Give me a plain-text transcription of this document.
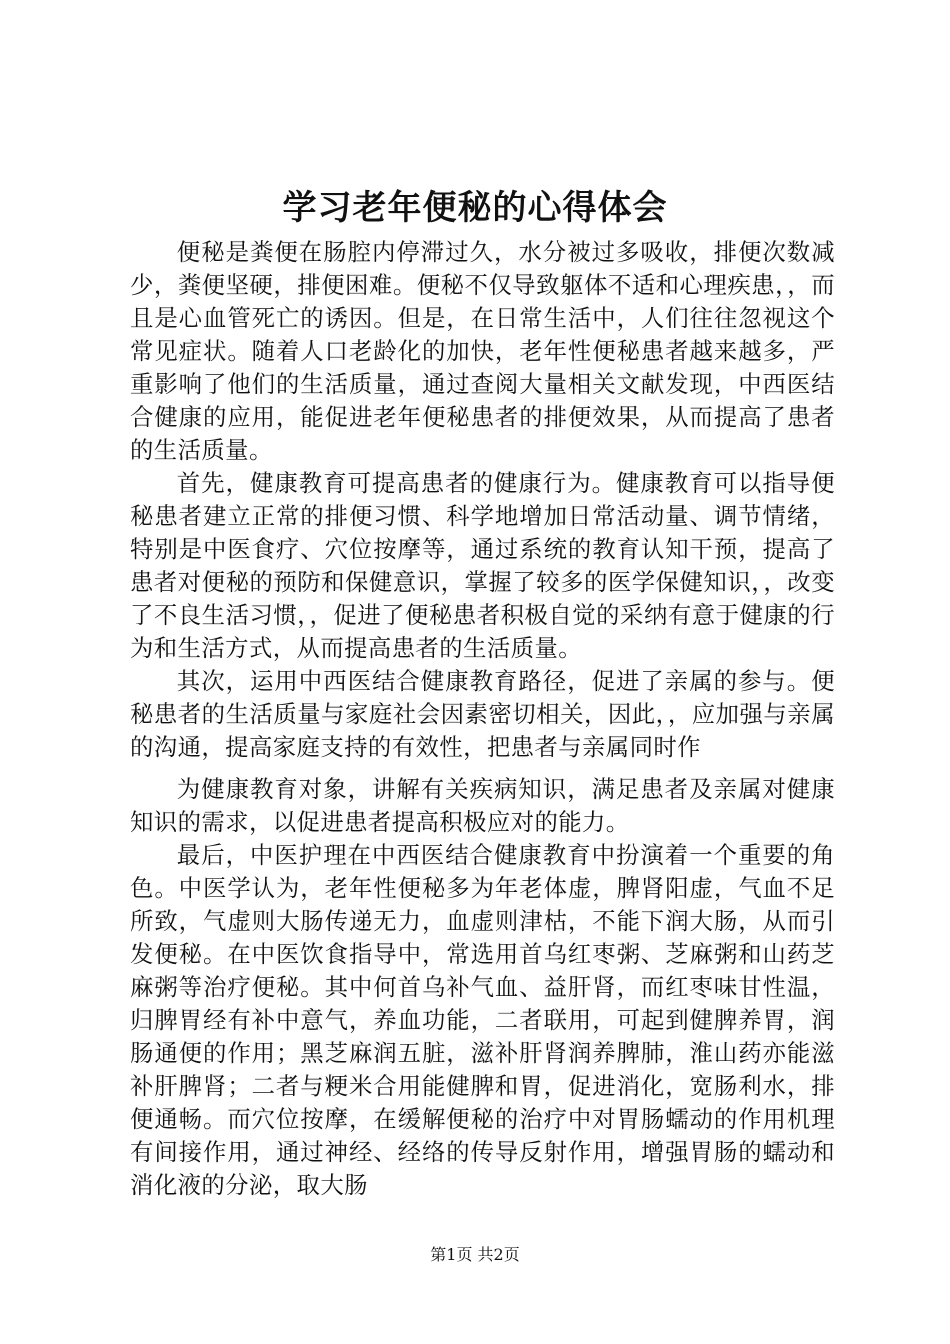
学习老年便秘的心得体会

便秘是粪便在肠腔内停滞过久，水分被过多吸收，排便次数减少，粪便坚硬，排便困难。便秘不仅导致躯体不适和心理疾患，，而且是心血管死亡的诱因。但是，在日常生活中，人们往往忽视这个常见症状。随着人口老龄化的加快，老年性便秘患者越来越多，严重影响了他们的生活质量，通过查阅大量相关文献发现，中西医结合健康的应用，能促进老年便秘患者的排便效果，从而提高了患者的生活质量。

首先，健康教育可提高患者的健康行为。健康教育可以指导便秘患者建立正常的排便习惯、科学地增加日常活动量、调节情绪，特别是中医食疗、穴位按摩等，通过系统的教育认知干预，提高了患者对便秘的预防和保健意识，掌握了较多的医学保健知识，，改变了不良生活习惯，，促进了便秘患者积极自觉的采纳有意于健康的行为和生活方式，从而提高患者的生活质量。

其次，运用中西医结合健康教育路径，促进了亲属的参与。便秘患者的生活质量与家庭社会因素密切相关，因此，，应加强与亲属的沟通，提高家庭支持的有效性，把患者与亲属同时作

为健康教育对象，讲解有关疾病知识，满足患者及亲属对健康知识的需求，以促进患者提高积极应对的能力。

最后，中医护理在中西医结合健康教育中扮演着一个重要的角色。中医学认为，老年性便秘多为年老体虚，脾肾阳虚，气血不足所致，气虚则大肠传递无力，血虚则津枯，不能下润大肠，从而引发便秘。在中医饮食指导中，常选用首乌红枣粥、芝麻粥和山药芝麻粥等治疗便秘。其中何首乌补气血、益肝肾，而红枣味甘性温，归脾胃经有补中意气，养血功能，二者联用，可起到健脾养胃，润肠通便的作用；黑芝麻润五脏，滋补肝肾润养脾肺，淮山药亦能滋补肝脾肾；二者与粳米合用能健脾和胃，促进消化，宽肠利水，排便通畅。而穴位按摩，在缓解便秘的治疗中对胃肠蠕动的作用机理有间接作用，通过神经、经络的传导反射作用，增强胃肠的蠕动和消化液的分泌，取大肠

第1页 共2页
